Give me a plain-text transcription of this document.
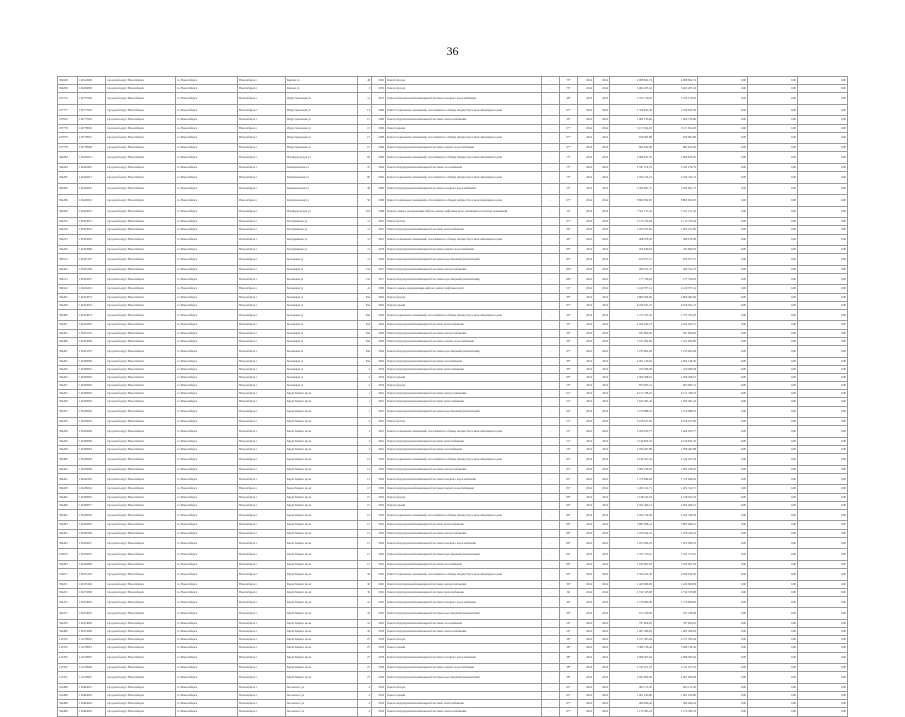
36
394548	110412000	городской округ Новосибирск	г.о.Новосибирск	Новосибирск г	Кирова ул	48	1962	Ремонт фасада	-	73*	2024	2024	4 098 602,74	4 098 602,74	0,00	0,00	0,00
394258	110436009	городской округ Новосибирск	г.о.Новосибирск	Новосибирск г	Кирова ул	3	1959	Ремонт фасада	-	73*	2024	2024	3 402 205,34	3 402 205,34	0,00	0,00	0,00
107774	110777004	городской округ Новосибирск	г.о.Новосибирск	Новосибирск г	Индустриальная ул	11	1979	Ремонт внутридомовой инженерной системы холодного водоснабжения	-	48*	2024	2024	1 793 176,63	1 793 176,63	0,00	0,00	0,00
107777	110777003	городской округ Новосибирск	г.о.Новосибирск	Новосибирск г	Индустриальная ул	13	1980	Ремонт подвальных помещений, относящихся к общему имуществу в многоквартирном доме	-	67*	2024	2024	1 329 832,39	1 329 832,39	0,00	0,00	0,00
107022	110777005	городской округ Новосибирск	г.о.Новосибирск	Новосибирск г	Индустриальная ул	15	1968	Ремонт внутридомовой инженерной системы электроснабжения	-	30*	2024	2024	1 009 733,60	1 009 733,60	0,00	0,00	0,00
107778	110778002	городской округ Новосибирск	г.о.Новосибирск	Новосибирск г	Индустриальная ул	15	1968	Ремонт крыши	-	67*	2024	2024	3 171 814,03	3 171 814,03	0,00	0,00	0,00
107078	110778001	городской округ Новосибирск	г.о.Новосибирск	Новосибирск г	Индустриальная ул	15	1968	Ремонт подвальных помещений, относящихся к общему имуществу в многоквартирном доме	-	67*	2024	2024	629 902,86	629 902,86	0,00	0,00	0,00
107778	110778008	городской округ Новосибирск	г.о.Новосибирск	Новосибирск г	Индустриальная ул	15	1968	Ремонт внутридомовой инженерной системы горячего водоснабжения	-	67*	2024	2024	862 652,96	862 652,96	0,00	0,00	0,00
394284	110426012	городской округ Новосибирск	г.о.Новосибирск	Новосибирск г	Изумрудгородок ул	83	1966	Ремонт подвальных помещений, относящихся к общему имуществу в многоквартирном доме	-	75*	2024	2024	2 489 831,95	2 489 831,95	0,00	0,00	0,00
394264	110426405	городской округ Новосибирск	г.о.Новосибирск	Новосибирск г	Коммунальная ул	47	1964	Ремонт внутридомовой инженерной системы газоснабжения	-	73*	2024	2024	2 547 274,79	2 547 274,79	0,00	0,00	0,00
394285	110426012	городской округ Новосибирск	г.о.Новосибирск	Новосибирск г	Коммунальная ул	80	1966	Ремонт подвальных помещений, относящихся к общему имуществу в многоквартирном доме	-	75*	2024	2024	2 343 734,74	2 343 734,74	0,00	0,00	0,00
394285	110426007	городской округ Новосибирск	г.о.Новосибирск	Новосибирск г	Коммунальная ул	49	1966	Ремонт внутридомовой инженерной системы холодного водоснабжения	-	73*	2024	2024	3 392 661,75	3 392 661,75	0,00	0,00	0,00
394286	110426016	городской округ Новосибирск	г.о.Новосибирск	Новосибирск г	Коммунальная ул	50	1968	Ремонт подвальных помещений, относящихся к общему имуществу в многоквартирном доме	-	67*	2024	2024	8 862 822,05	8 862 822,05	0,00	0,00	0,00
394290	110429019	городской округ Новосибирск	г.о.Новосибирск	Новосибирск г	Изумрудгородок ул	103	1988	Ремонт, замена, модернизация лифтов, ремонт лифтовых шахт, машинных и блочных помещений	-	12*	2024	2024	7 521 171,42	7 521 171,42	0,00	0,00	0,00
394252	110433012	городской округ Новосибирск	г.о.Новосибирск	Новосибирск г	Кошурникова ул	11	1961	Ремонт фасада	-	67*	2024	2024	2 115 743,64	2 115 743,64	0,00	0,00	0,00
394256	110433016	городской округ Новосибирск	г.о.Новосибирск	Новосибирск г	Кошурникова ул	11	1961	Ремонт внутридомовой инженерной системы теплоснабжения	-	59*	2024	2024	1 205 251,60	1 205 251,60	0,00	0,00	0,00
394253	110433005	городской округ Новосибирск	г.о.Новосибирск	Новосибирск г	Кошурникова ул	11	1961	Ремонт подвальных помещений, относящихся к общему имуществу в многоквартирном доме	-	46*	2024	2024	468 978,58	468 978,58	0,00	0,00	0,00
394456	110432086	городской округ Новосибирск	г.о.Новосибирск	Новосибирск г	Кошурникова ул	11	1958	Ремонт внутридомовой инженерной системы горячего водоснабжения	-	83*	2024	2024	702 840,63	702 840,63	0,00	0,00	0,00
394513	110435107	городской округ Новосибирск	г.о.Новосибирск	Новосибирск г	Кольцевая ул	11	1964	Ремонт внутридомовой инженерной системы водоотведения (канализации)	-	85*	2024	2024	674 977,15	674 977,15	0,00	0,00	0,00
394462	110435200	городской округ Новосибирск	г.о.Новосибирск	Новосибирск г	Кольцевая ул	13а	1957	Ремонт внутридомовой инженерной системы электроснабжения	-	100*	2024	2024	406 761,37	406 761,37	0,00	0,00	0,00
394513	110435007	городской округ Новосибирск	г.о.Новосибирск	Новосибирск г	Кольцевая ул	13а	1957	Ремонт внутридомовой инженерной системы водоотведения (канализации)	-	100*	2024	2024	177 799,63	177 799,63	0,00	0,00	0,00
394542	110434210	городской округ Новосибирск	г.о.Новосибирск	Новосибирск г	Кольцевая ул	2а	1989	Ремонт, замена, модернизация лифтов, ремонт лифтовых шахт	-	51*	2024	2024	2 410 707,14	2 410 707,14	0,00	0,00	0,00
394467	110434073	городской округ Новосибирск	г.о.Новосибирск	Новосибирск г	Кольцевая ул	84а	1964	Ремонт фасада	-	30*	2024	2024	4 809 494,60	4 809 494,60	0,00	0,00	0,00
394458	110434052	городской округ Новосибирск	г.о.Новосибирск	Новосибирск г	Кольцевая ул	84а	1964	Ремонт крыши	-	67*	2024	2024	6 229 931,27	6 229 931,27	0,00	0,00	0,00
394460	110434074	городской округ Новосибирск	г.о.Новосибирск	Новосибирск г	Кольцевая ул	84а	1964	Ремонт подвальных помещений, относящихся к общему имуществу в многоквартирном доме	-	30*	2024	2024	1 727 351,20	1 727 351,20	0,00	0,00	0,00
394457	110434504	городской округ Новосибирск	г.о.Новосибирск	Новосибирск г	Кольцевая ул	84а	1964	Ремонт внутридомовой инженерной системы теплоснабжения	-	30*	2024	2024	4 424 942,72	4 424 942,72	0,00	0,00	0,00
394467	110434703	городской округ Новосибирск	г.о.Новосибирск	Новосибирск г	Кольцевая ул	84а	1964	Ремонт внутридомовой инженерной системы электроснабжения	-	30*	2024	2024	941 860,60	941 860,60	0,00	0,00	0,00
394460	110434008	городской округ Новосибирск	г.о.Новосибирск	Новосибирск г	Кольцевая ул	84а	1964	Ремонт внутридомовой инженерной системы горячего водоснабжения	-	30*	2024	2024	1 611 992,86	1 611 992,86	0,00	0,00	0,00
394467	110434707	городской округ Новосибирск	г.о.Новосибирск	Новосибирск г	Кольцевая ул	84а	1964	Ремонт внутридомовой инженерной системы водоотведения (канализации)	-	67*	2024	2024	1 235 602,99	1 235 602,99	0,00	0,00	0,00
394402	110436099	городской округ Новосибирск	г.о.Новосибирск	Новосибирск г	Кольцевая ул	84а	1964	Ремонт внутридомовой инженерной системы газоснабжения	-	30*	2024	2024	2 491 130,02	2 491 130,02	0,00	0,00	0,00
394456	110436091	городской округ Новосибирск	г.о.Новосибирск	Новосибирск г	Кольцевая ул	4	1959	Ремонт внутридомовой инженерной системы теплоснабжения	-	30*	2024	2024	470 286,58	470 286,58	0,00	0,00	0,00
394452	110436902	городской округ Новосибирск	г.о.Новосибирск	Новосибирск г	Кольцевая ул	4	1959	Ремонт крыши	-	60*	2024	2024	2 369 408,61	2 369 408,61	0,00	0,00	0,00
394457	110436904	городской округ Новосибирск	г.о.Новосибирск	Новосибирск г	Кольцевая ул	4	1959	Ремонт фасада	-	55*	2024	2024	853 905,31	853 905,31	0,00	0,00	0,00
394455	110436092	городской округ Новосибирск	г.о.Новосибирск	Новосибирск г	Карла Маркса пр-кт	1	1961	Ремонт внутридомовой инженерной системы электроснабжения	-	61*	2024	2024	6 171 338,22	6 171 338,22	0,00	0,00	0,00
394456	110436003	городской округ Новосибирск	г.о.Новосибирск	Новосибирск г	Карла Маркса пр-кт	1	1961	Ремонт внутридомовой инженерной системы теплоснабжения	-	51*	2024	2024	1 643 281,42	1 643 281,42	0,00	0,00	0,00
394457	110436004	городской округ Новосибирск	г.о.Новосибирск	Новосибирск г	Карла Маркса пр-кт	1	1961	Ремонт внутридомовой инженерной системы водоотведения (канализации)	-	64*	2024	2024	1 150 988,76	1 150 988,76	0,00	0,00	0,00
394450	110436005	городской округ Новосибирск	г.о.Новосибирск	Новосибирск г	Карла Маркса пр-кт	3	1961	Ремонт фасада	-	51*	2024	2024	6 108 107,60	6 108 107,60	0,00	0,00	0,00
394458	110436006	городской округ Новосибирск	г.о.Новосибирск	Новосибирск г	Карла Маркса пр-кт	3	1961	Ремонт подвальных помещений, относящихся к общему имуществу в многоквартирном доме	-	51*	2024	2024	2 264 050,77	2 264 050,77	0,00	0,00	0,00
394450	110436009	городской округ Новосибирск	г.о.Новосибирск	Новосибирск г	Карла Маркса пр-кт	3	1961	Ремонт внутридомовой инженерной системы теплоснабжения	-	51*	2024	2024	3 149 832,32	3 149 832,32	0,00	0,00	0,00
394458	110436064	городской округ Новосибирск	г.о.Новосибирск	Новосибирск г	Карла Маркса пр-кт	3	1961	Ремонт внутридомовой инженерной системы газоснабжения	-	54*	2024	2024	2 780 467,88	2 780 467,88	0,00	0,00	0,00
394460	110436092	городской округ Новосибирск	г.о.Новосибирск	Новосибирск г	Карла Маркса пр-кт	13	1956	Ремонт подвальных помещений, относящихся к общему имуществу в многоквартирном доме	-	81*	2024	2024	2 144 221,04	2 144 221,04	0,00	0,00	0,00
394462	110436009	городской округ Новосибирск	г.о.Новосибирск	Новосибирск г	Карла Маркса пр-кт	13	1956	Ремонт внутридомовой инженерной системы электроснабжения	-	81*	2024	2024	1 092 189,95	1 092 189,95	0,00	0,00	0,00
394461	110436302	городской округ Новосибирск	г.о.Новосибирск	Новосибирск г	Карла Маркса пр-кт	13	1956	Ремонт внутридомовой инженерной системы холодного водоснабжения	-	81*	2024	2024	1 752 849,92	1 752 849,92	0,00	0,00	0,00
394458	110436024	городской округ Новосибирск	г.о.Новосибирск	Новосибирск г	Карла Маркса пр-кт	13	1956	Ремонт внутридомовой инженерной системы горячего водоснабжения	-	81*	2024	2024	1 202 312,71	1 202 312,71	0,00	0,00	0,00
394462	110436065	городской округ Новосибирск	г.о.Новосибирск	Новосибирск г	Карла Маркса пр-кт	15	1956	Ремонт фасада	-	86*	2024	2024	5 148 162,18	5 148 162,18	0,00	0,00	0,00
394460	110436077	городской округ Новосибирск	г.о.Новосибирск	Новосибирск г	Карла Маркса пр-кт	15	1956	Ремонт крыши	-	64*	2024	2024	4 592 400,12	4 592 400,12	0,00	0,00	0,00
394462	110436002	городской округ Новосибирск	г.о.Новосибирск	Новосибирск г	Карла Маркса пр-кт	15	1956	Ремонт подвальных помещений, относящихся к общему имуществу в многоквартирном доме	-	86*	2024	2024	2 292 740,49	2 292 740,49	0,00	0,00	0,00
394463	110436504	городской округ Новосибирск	г.о.Новосибирск	Новосибирск г	Карла Маркса пр-кт	15	1956	Ремонт внутридомовой инженерной системы теплоснабжения	-	86*	2024	2024	3 887 968,41	3 887 968,41	0,00	0,00	0,00
394463	110436306	городской округ Новосибирск	г.о.Новосибирск	Новосибирск г	Карла Маркса пр-кт	15	1956	Ремонт внутридомовой инженерной системы электроснабжения	-	86*	2024	2024	1 250 434,91	1 250 434,91	0,00	0,00	0,00
394463	110436027	городской округ Новосибирск	г.о.Новосибирск	Новосибирск г	Карла Маркса пр-кт	15	1956	Ремонт внутридомовой инженерной системы холодного водоснабжения	-	86*	2024	2024	1 055 996,76	1 055 996,76	0,00	0,00	0,00
104053	110476007	городской округ Новосибирск	г.о.Новосибирск	Новосибирск г	Карла Маркса пр-кт	15	1956	Ремонт внутридомовой инженерной системы водоотведения (канализации)	-	64*	2024	2024	1 791 753,61	1 791 753,61	0,00	0,00	0,00
394463	110436060	городской округ Новосибирск	г.о.Новосибирск	Новосибирск г	Карла Маркса пр-кт	15	1956	Ремонт внутридомовой инженерной системы газоснабжения	-	86*	2024	2024	1 932 001,83	1 932 001,83	0,00	0,00	0,00
104071	110471003	городской округ Новосибирск	г.о.Новосибирск	Новосибирск г	Карла Маркса пр-кт	39	1962	Ремонт подвальных помещений, относящихся к общему имуществу в многоквартирном доме	-	60*	2024	2024	2 590 912,30	2 590 912,30	0,00	0,00	0,00
394471	110471002	городской округ Новосибирск	г.о.Новосибирск	Новосибирск г	Карла Маркса пр-кт	39	1962	Ремонт внутридомовой инженерной системы электроснабжения	-	30*	2024	2024	1 443 680,09	1 443 680,09	0,00	0,00	0,00
394472	110473008	городской округ Новосибирск	г.о.Новосибирск	Новосибирск г	Карла Маркса пр-кт	39	1962	Ремонт внутридомовой инженерной системы теплоснабжения	-	60	2024	2024	2 742 335,88	2 742 335,88	0,00	0,00	0,00
394475	110474005	городской округ Новосибирск	г.о.Новосибирск	Новосибирск г	Карла Маркса пр-кт	41	1965	Ремонт внутридомовой инженерной системы холодного водоснабжения	-	30*	2024	2024	1 776 890,96	1 776 890,96	0,00	0,00	0,00
394475	110474007	городской округ Новосибирск	г.о.Новосибирск	Новосибирск г	Карла Маркса пр-кт	41	1965	Ремонт внутридомовой инженерной системы водоотведения (канализации)	-	30*	2024	2024	917 330,06	917 330,06	0,00	0,00	0,00
394476	110474009	городской округ Новосибирск	г.о.Новосибирск	Новосибирск г	Карла Маркса пр-кт	41	1965	Ремонт внутридомовой инженерной системы газоснабжения	-	54*	2024	2024	797 600,05	797 600,05	0,00	0,00	0,00
394480	110475008	городской округ Новосибирск	г.о.Новосибирск	Новосибирск г	Карла Маркса пр-кт	45	1958	Ремонт внутридомовой инженерной системы электроснабжения	-	54*	2024	2024	1 487 366,83	1 487 366,83	0,00	0,00	0,00
112702	111270002	городской округ Новосибирск	г.о.Новосибирск	Новосибирск г	Карла Маркса пр-кт	27	1958	Ремонт фасада	-	38*	2024	2024	4 727 303,94	4 727 303,94	0,00	0,00	0,00
112702	111270001	городской округ Новосибирск	г.о.Новосибирск	Новосибирск г	Карла Маркса пр-кт	27	1958	Ремонт крыши	-	38*	2024	2024	3 380 739,42	3 380 739,42	0,00	0,00	0,00
112700	111270005	городской округ Новосибирск	г.о.Новосибирск	Новосибирск г	Карла Маркса пр-кт	27	1958	Ремонт внутридомовой инженерной системы холодного водоснабжения	-	38*	2024	2024	2 068 397,64	2 068 397,64	0,00	0,00	0,00
112702	111270006	городской округ Новосибирск	г.о.Новосибирск	Новосибирск г	Карла Маркса пр-кт	27	1958	Ремонт внутридомовой инженерной системы горячего водоснабжения	-	38*	2024	2024	2 741 071,55	2 741 071,55	0,00	0,00	0,00
112702	111270007	городской округ Новосибирск	г.о.Новосибирск	Новосибирск г	Карла Маркса пр-кт	27	1958	Ремонт внутридомовой инженерной системы водоотведения (канализации)	-	38*	2024	2024	2 497 909,28	2 497 909,28	0,00	0,00	0,00
104488	110484001	городской округ Новосибирск	г.о.Новосибирск	Новосибирск г	Котовского ул	4	1959	Ремонт фасада	-	61*	2024	2024	963 115,30	963 115,30	0,00	0,00	0,00
104488	110484002	городской округ Новосибирск	г.о.Новосибирск	Новосибирск г	Котовского ул	4	1959	Ремонт крыши	-	61*	2024	2024	1 401 243,80	1 401 243,80	0,00	0,00	0,00
394488	110484004	городской округ Новосибирск	г.о.Новосибирск	Новосибирск г	Котовского ул	4	1959	Ремонт внутридомовой инженерной системы теплоснабжения	-	67*	2024	2024	469 990,42	469 990,42	0,00	0,00	0,00
394489	110484005	городской округ Новосибирск	г.о.Новосибирск	Новосибирск г	Котовского ул	4	1959	Ремонт внутридомовой инженерной системы электроснабжения	-	67*	2024	2024	1 176 383,23	1 176 383,23	0,00	0,00	0,00
